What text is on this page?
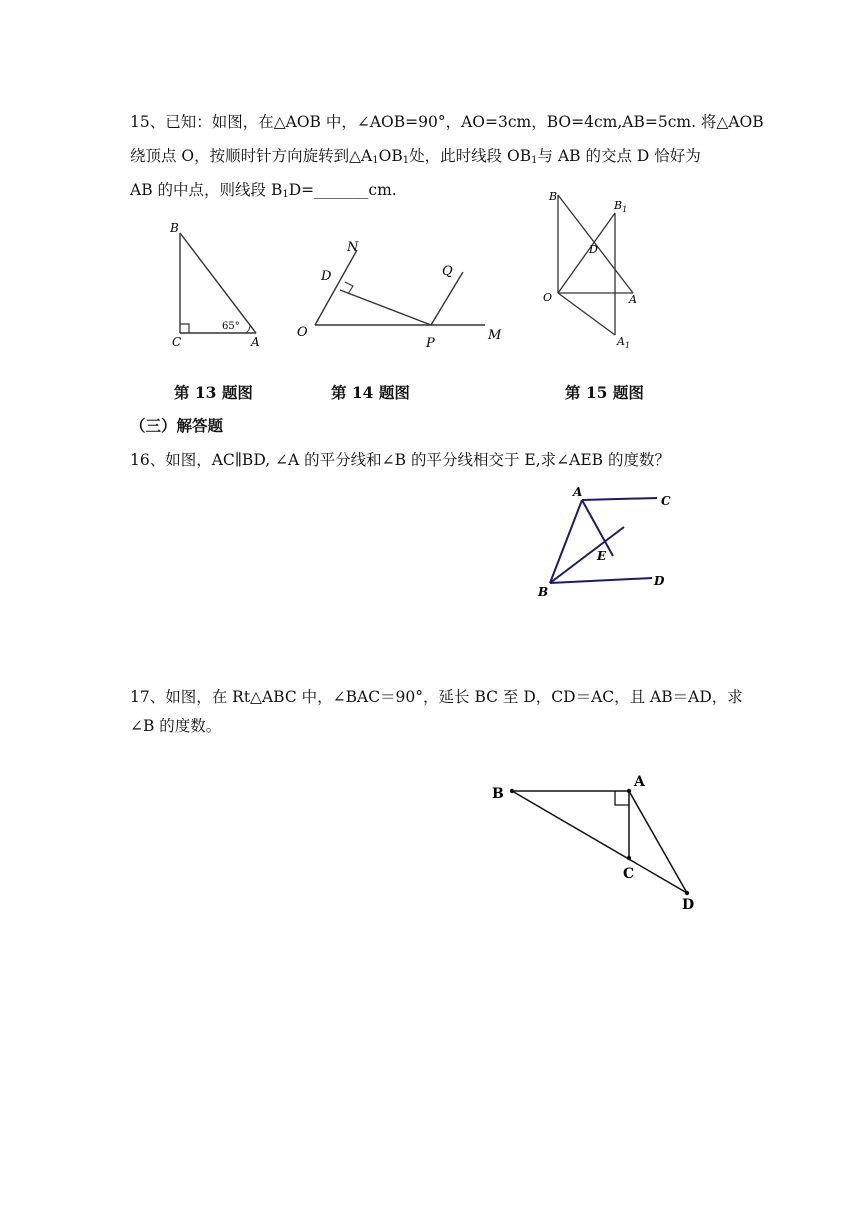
15、已知：如图，在△AOB 中，∠AOB=90°，AO=3cm，BO=4cm,AB=5cm. 将△AOB
绕顶点 O，按顺时针方向旋转到$\triangle A_1OB_1$处，此时线段 $OB_1$与 AB 的交点 D 恰好为
AB 的中点，则线段 $B_1D=\_\_\_\_\_\_\_cm$.
B
C	A
65°
N
D	Q
O
P
M
B
$B_1$
D
O	A
$A_1$
第 13 题图	第 14 题图	第 15 题图
（三）解答题
16、如图，AC∥BD, ∠A 的平分线和∠B 的平分线相交于 E,求∠AEB 的度数？
A
C
E
B
D
17、如图，在 Rt△ABC 中，∠BAC＝90°，延长 BC 至 D，CD＝AC，且 AB＝AD，求
∠B 的度数。
B
A
C
D
